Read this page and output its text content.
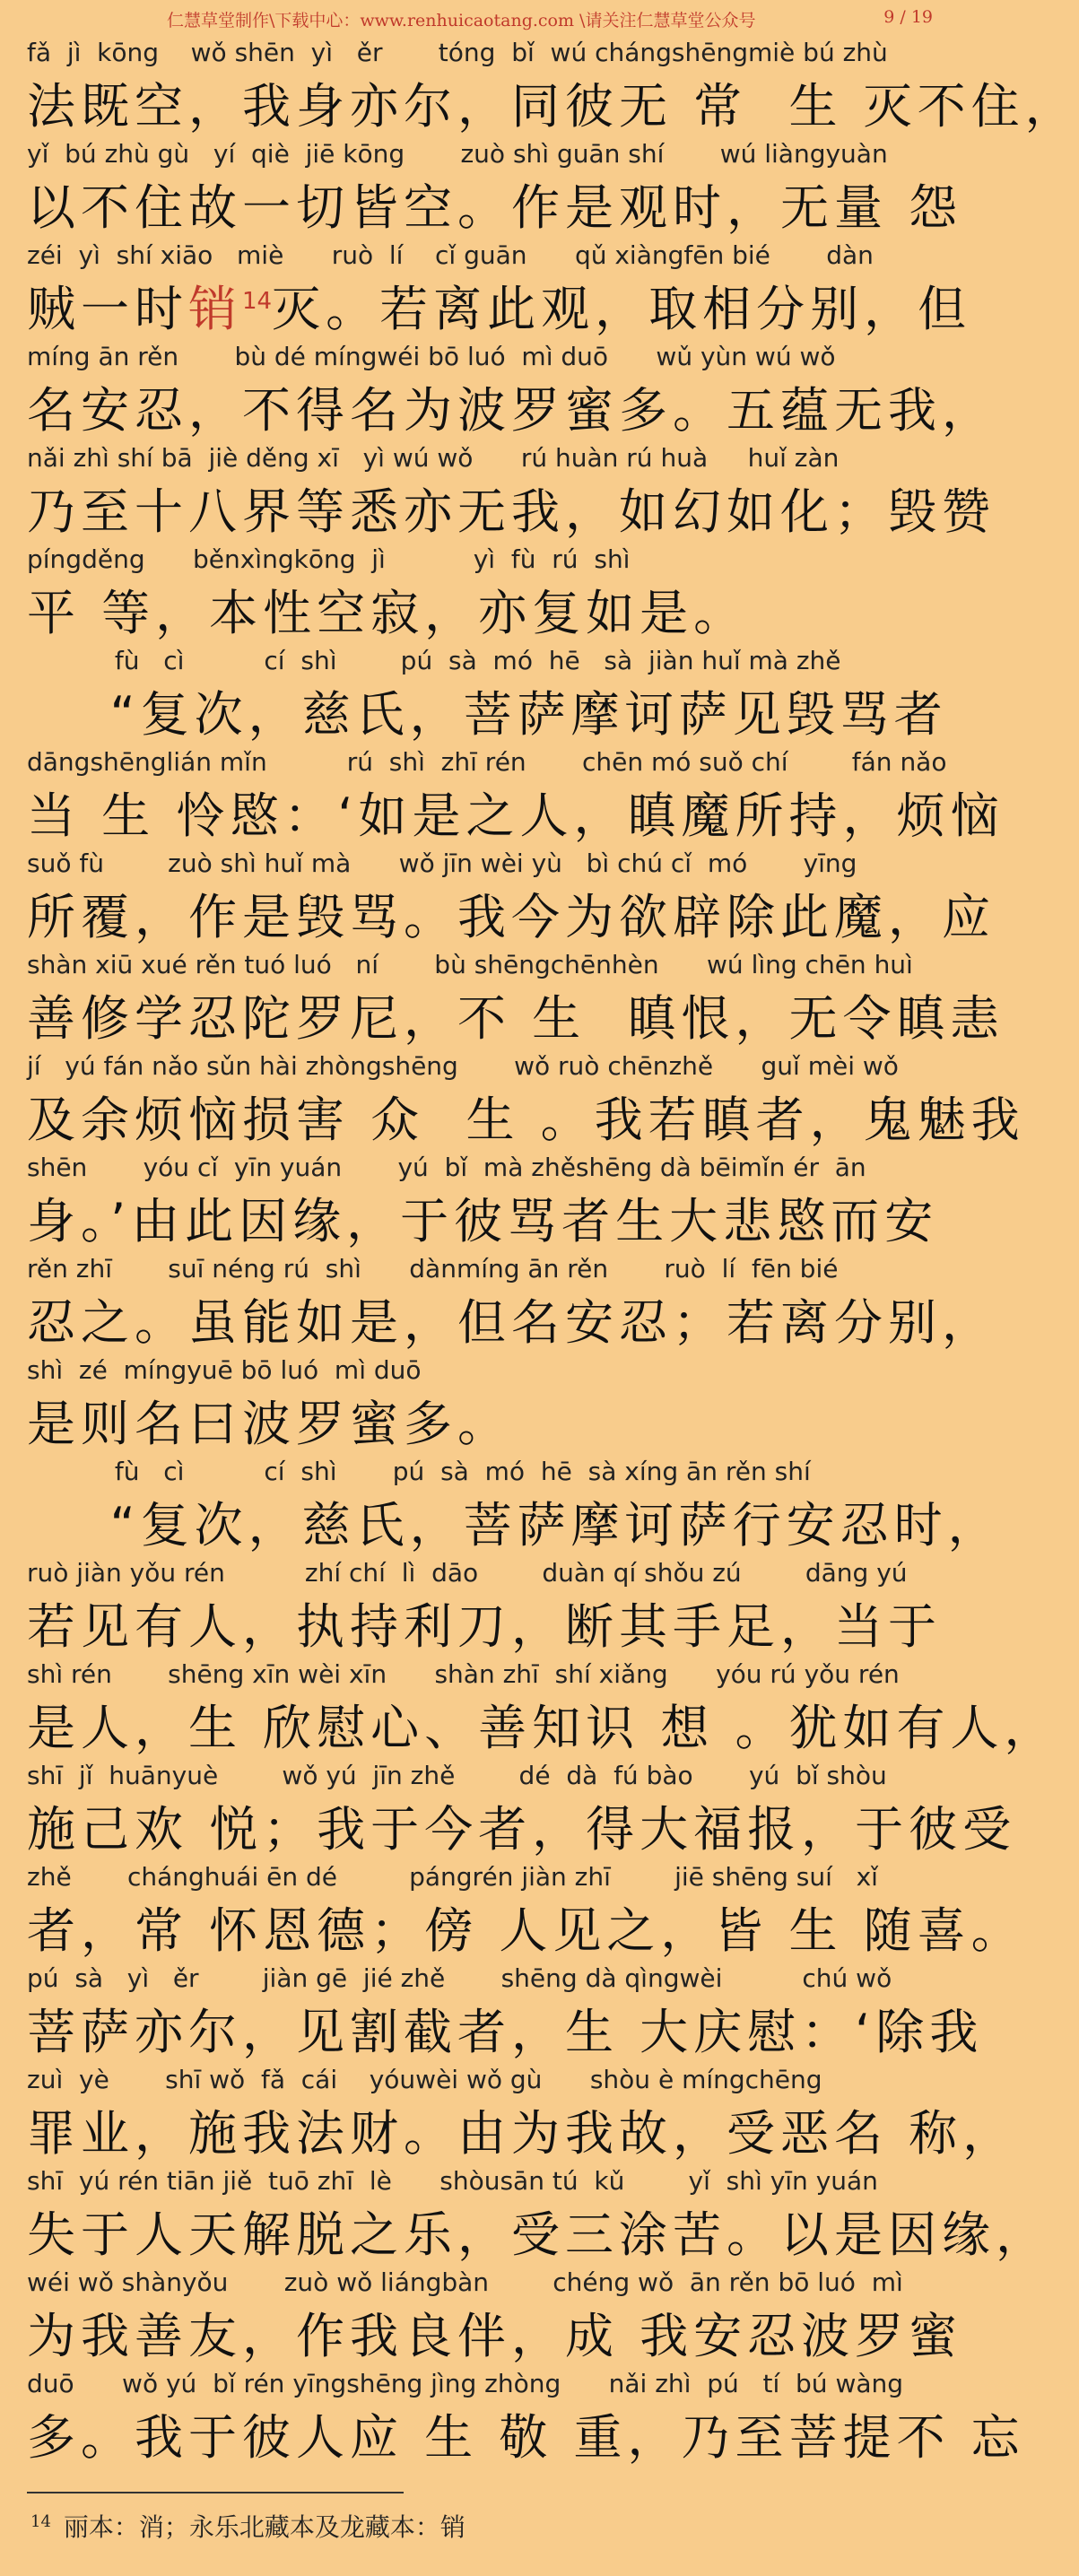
仁慧草堂制作\下载中心：www.renhuicaotang.com \请关注仁慧草堂公众号	9 / 19
fǎ  jì  kōng    wǒ shēn  yì   ěr       tóng  bǐ  wú chángshēngmiè bú zhù
法既空，我身亦尔，同彼无 常  生 灭不住，
yǐ  bú zhù gù   yí  qiè  jiē kōng       zuò shì guān shí       wú liàngyuàn
以不住故一切皆空。作是观时，无量 怨
zéi  yì  shí xiāo   miè      ruò  lí    cǐ guān      qǔ xiàngfēn bié       dàn
贼一时销$^{14}$灭。若离此观，取相分别，但
míng ān rěn       bù dé míngwéi bō luó  mì duō      wǔ yùn wú wǒ
名安忍，不得名为波罗蜜多。五蕴无我，
nǎi zhì shí bā  jiè děng xī   yì wú wǒ      rú huàn rú huà     huǐ zàn
乃至十八界等悉亦无我，如幻如化；毁赞
píngděng      běnxìngkōng  jì           yì  fù  rú  shì
平 等，本性空寂，亦复如是。
fù   cì          cí  shì        pú  sà  mó  hē   sà  jiàn huǐ mà zhě
“复次，慈氏，菩萨摩诃萨见毁骂者
dāngshēnglián mǐn          rú  shì  zhī rén       chēn mó suǒ chí        fán nǎo
当 生 怜愍：‘如是之人，瞋魔所持，烦恼
suǒ fù        zuò shì huǐ mà      wǒ jīn wèi yù   bì chú cǐ  mó       yīng
所覆，作是毁骂。我今为欲辟除此魔，应
shàn xiū xué rěn tuó luó   ní       bù shēngchēnhèn      wú lìng chēn huì
善修学忍陀罗尼，不 生  瞋恨，无令瞋恚
jí   yú fán nǎo sǔn hài zhòngshēng       wǒ ruò chēnzhě      guǐ mèi wǒ
及余烦恼损害 众  生 。我若瞋者，鬼魅我
shēn       yóu cǐ  yīn yuán       yú  bǐ  mà zhěshēng dà bēimǐn ér  ān
身。’由此因缘，于彼骂者生大悲愍而安
rěn zhī       suī néng rú  shì      dànmíng ān rěn       ruò  lí  fēn bié
忍之。虽能如是，但名安忍；若离分别，
shì  zé  míngyuē bō luó  mì duō
是则名曰波罗蜜多。
fù   cì          cí  shì       pú  sà  mó  hē  sà xíng ān rěn shí
“复次，慈氏，菩萨摩诃萨行安忍时，
ruò jiàn yǒu rén          zhí chí  lì  dāo        duàn qí shǒu zú        dāng yú
若见有人，执持利刀，断其手足，当于
shì rén       shēng xīn wèi xīn      shàn zhī  shí xiǎng      yóu rú yǒu rén
是人，生 欣慰心、善知识 想 。犹如有人，
shī  jǐ  huānyuè        wǒ yú  jīn zhě        dé  dà  fú bào       yú  bǐ shòu
施己欢 悦；我于今者，得大福报，于彼受
zhě       chánghuái ēn dé         pángrén jiàn zhī        jiē shēng suí   xǐ
者，常 怀恩德；傍 人见之，皆 生 随喜。
pú  sà   yì   ěr        jiàn gē  jié zhě       shēng dà qìngwèi          chú wǒ
菩萨亦尔，见割截者，生 大庆慰：‘除我
zuì  yè       shī wǒ  fǎ  cái    yóuwèi wǒ gù      shòu è míngchēng
罪业，施我法财。由为我故，受恶名 称，
shī  yú rén tiān jiě  tuō zhī  lè      shòusān tú  kǔ        yǐ  shì yīn yuán
失于人天解脱之乐，受三涂苦。以是因缘，
wéi wǒ shànyǒu       zuò wǒ liángbàn        chéng wǒ  ān rěn bō luó  mì
为我善友，作我良伴，成 我安忍波罗蜜
duō      wǒ yú  bǐ rén yīngshēng jìng zhòng      nǎi zhì  pú   tí  bú wàng
多。我于彼人应 生 敬 重，乃至菩提不 忘
$^{14}$ 丽本：消；永乐北藏本及龙藏本：销
